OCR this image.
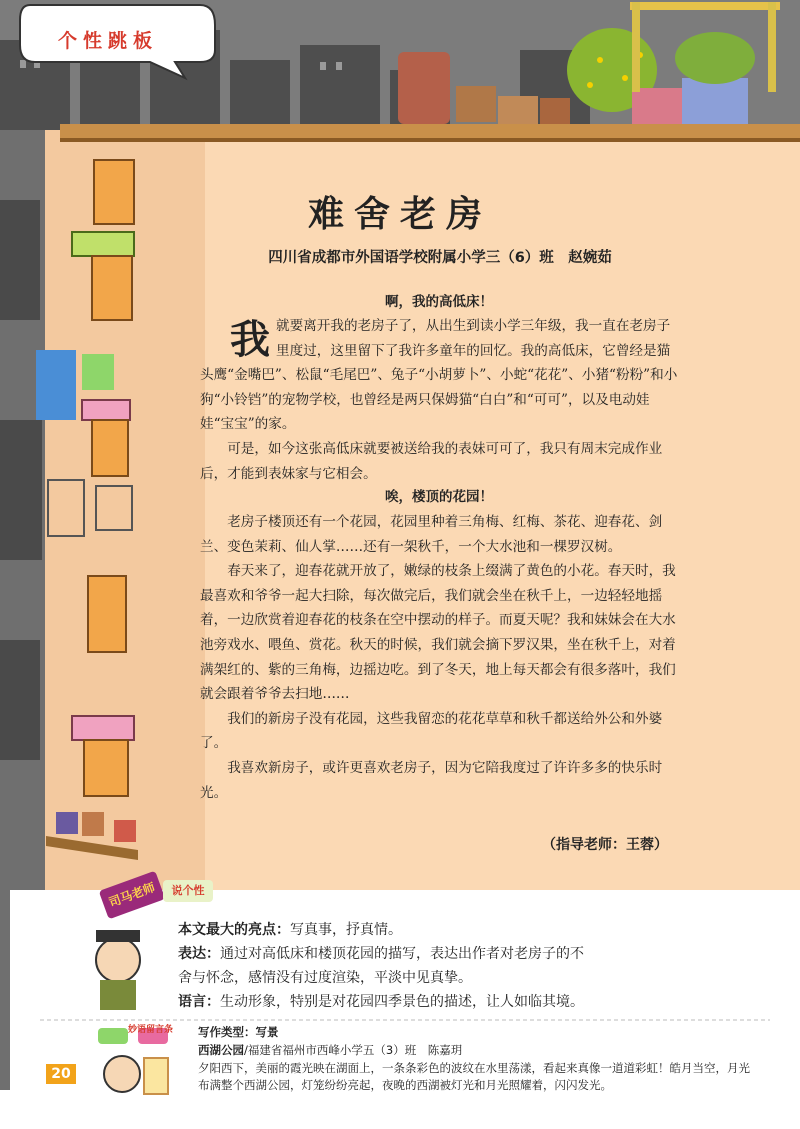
个性跳板
难舍老房
四川省成都市外国语学校附属小学三（6）班　赵婉茹
啊，我的高低床！

我就要离开我的老房子了，从出生到读小学三年级，我一直在老房子里度过，这里留下了我许多童年的回忆。我的高低床，它曾经是猫头鹰“金嘴巴”、松鼠“毛尾巴”、兔子“小胡萝卜”、小蛇“花花”、小猪“粉粉”和小狗“小铃铛”的宠物学校，也曾经是两只保姆猫“白白”和“可可”，以及电动娃娃“宝宝”的家。

可是，如今这张高低床就要被送给我的表妹可可了，我只有周末完成作业后，才能到表妹家与它相会。

唉，楼顶的花园！

老房子楼顶还有一个花园，花园里种着三角梅、红梅、茶花、迎春花、剑兰、变色茉莉、仙人掌……还有一架秋千，一个大水池和一棵罗汉树。

春天来了，迎春花就开放了，嫩绿的枝条上缀满了黄色的小花。春天时，我最喜欢和爷爷一起大扫除，每次做完后，我们就会坐在秋千上，一边轻轻地摇着，一边欣赏着迎春花的枝条在空中摆动的样子。而夏天呢？我和妹妹会在大水池旁戏水、喂鱼、赏花。秋天的时候，我们就会摘下罗汉果，坐在秋千上，对着满架红的、紫的三角梅，边摇边吃。到了冬天，地上每天都会有很多落叶，我们就会跟着爷爷去扫地……

我们的新房子没有花园，这些我留恋的花花草草和秋千都送给外公和外婆了。

我喜欢新房子，或许更喜欢老房子，因为它陪我度过了许许多多的快乐时光。

（指导老师：王蓉）
司马老师	说个性
本文最大的亮点：写真事，抒真情。
表达：通过对高低床和楼顶花园的描写，表达出作者对老房子的不舍与怀念，感情没有过度渲染，平淡中见真挚。
语言：生动形象，特别是对花园四季景色的描述，让人如临其境。
妙语留言条
20
写作类型：写景
西湖公园/福建省福州市西峰小学五（3）班　陈嘉玥
夕阳西下，美丽的霞光映在湖面上，一条条彩色的波纹在水里荡漾，看起来真像一道道彩虹！皓月当空，月光布满整个西湖公园，灯笼纷纷亮起，夜晚的西湖被灯光和月光照耀着，闪闪发光。
